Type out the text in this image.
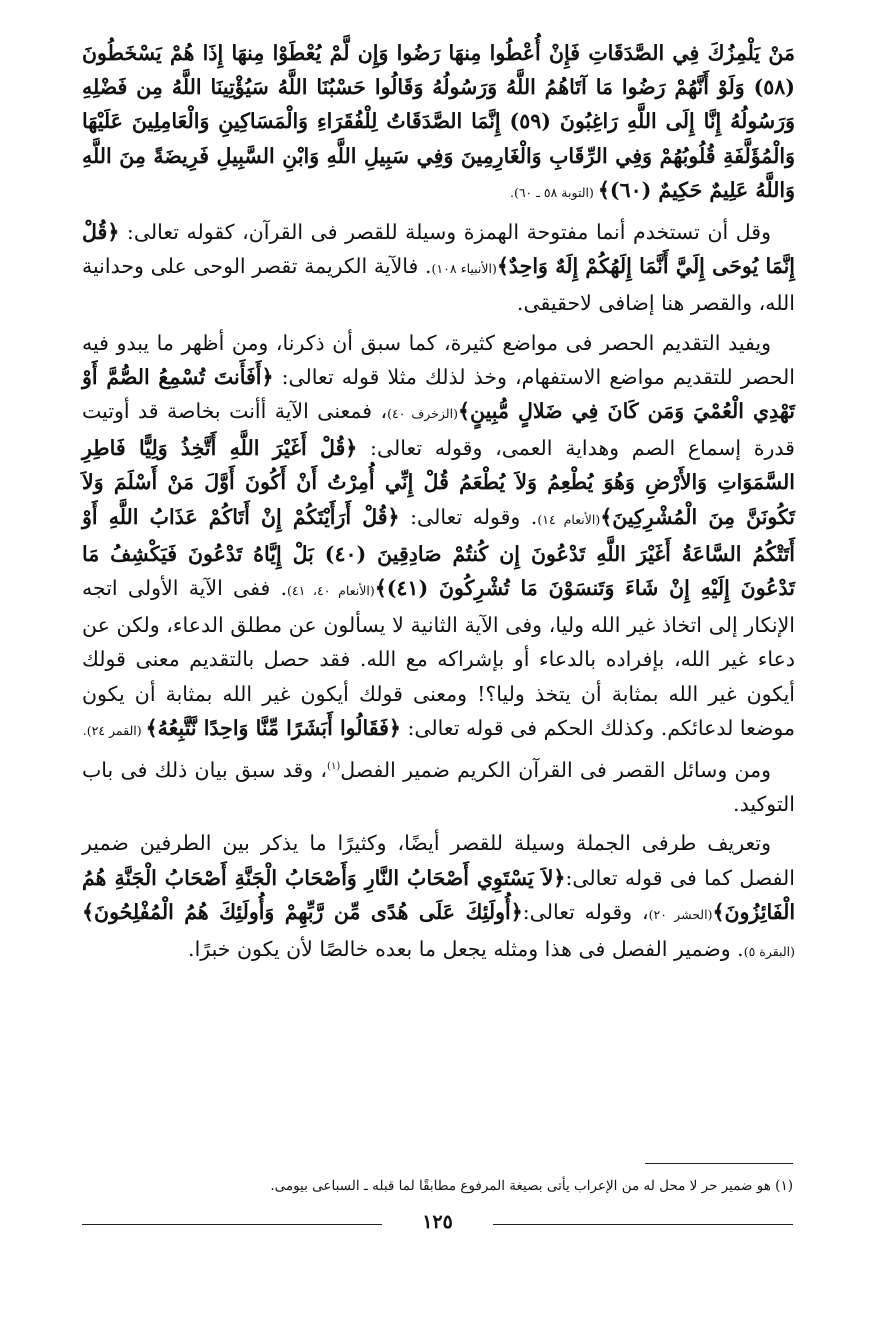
مَنْ يَلْمِزُكَ فِي الصَّدَقَاتِ فَإِنْ أُعْطُوا مِنهَا رَضُوا وَإِن لَّمْ يُعْطَوْا مِنهَا إِذَا هُمْ يَسْخَطُونَ (٥٨) وَلَوْ أَنَّهُمْ رَضُوا مَا آتَاهُمُ اللَّهُ وَرَسُولُهُ وَقَالُوا حَسْبُنَا اللَّهُ سَيُؤْتِينَا اللَّهُ مِن فَضْلِهِ وَرَسُولُهُ إِنَّا إِلَى اللَّهِ رَاغِبُونَ (٥٩) إِنَّمَا الصَّدَقَاتُ لِلْفُقَرَاءِ وَالْمَسَاكِينِ وَالْعَامِلِينَ عَلَيْهَا وَالْمُؤَلَّفَةِ قُلُوبُهُمْ وَفِي الرِّقَابِ وَالْغَارِمِينَ وَفِي سَبِيلِ اللَّهِ وَابْنِ السَّبِيلِ فَرِيضَةً مِنَ اللَّهِ وَاللَّهُ عَلِيمٌ حَكِيمٌ (٦٠)﴾ (التوبة ٥٨ ـ ٦٠).

وقل أن تستخدم أنما مفتوحة الهمزة وسيلة للقصر فى القرآن، كقوله تعالى: ﴿قُلْ إِنَّمَا يُوحَى إِلَيَّ أَنَّمَا إِلَهُكُمْ إِلَهٌ وَاحِدٌ﴾(الأنبياء ١٠٨). فالآية الكريمة تقصر الوحى على وحدانية الله، والقصر هنا إضافى لاحقيقى.

ويفيد التقديم الحصر فى مواضع كثيرة، كما سبق أن ذكرنا، ومن أظهر ما يبدو فيه الحصر للتقديم مواضع الاستفهام، وخذ لذلك مثلا قوله تعالى: ﴿أَفَأَنتَ تُسْمِعُ الصُّمَّ أَوْ تَهْدِي الْعُمْيَ وَمَن كَانَ فِي ضَلالٍ مُّبِينٍ﴾(الزخرف ٤٠)، فمعنى الآية أأنت بخاصة قد أوتيت قدرة إسماع الصم وهداية العمى، وقوله تعالى: ﴿قُلْ أَغَيْرَ اللَّهِ أَتَّخِذُ وَلِيًّا فَاطِرِ السَّمَوَاتِ وَالأَرْضِ وَهُوَ يُطْعِمُ وَلاَ يُطْعَمُ قُلْ إِنِّي أُمِرْتُ أَنْ أَكُونَ أَوَّلَ مَنْ أَسْلَمَ وَلاَ تَكُونَنَّ مِنَ الْمُشْرِكِينَ﴾(الأنعام ١٤). وقوله تعالى: ﴿قُلْ أَرَأَيْتَكُمْ إِنْ أَتَاكُمْ عَذَابُ اللَّهِ أَوْ أَتَتْكُمُ السَّاعَةُ أَغَيْرَ اللَّهِ تَدْعُونَ إِن كُنتُمْ صَادِقِينَ (٤٠) بَلْ إِيَّاهُ تَدْعُونَ فَيَكْشِفُ مَا تَدْعُونَ إِلَيْهِ إِنْ شَاءَ وَتَنسَوْنَ مَا تُشْرِكُونَ (٤١)﴾(الأنعام ٤٠، ٤١). ففى الآية الأولى اتجه الإنكار إلى اتخاذ غير الله وليا، وفى الآية الثانية لا يسألون عن مطلق الدعاء، ولكن عن دعاء غير الله، بإفراده بالدعاء أو بإشراكه مع الله. فقد حصل بالتقديم معنى قولك أيكون غير الله بمثابة أن يتخذ وليا؟! ومعنى قولك أيكون غير الله بمثابة أن يكون موضعا لدعائكم. وكذلك الحكم فى قوله تعالى: ﴿فَقَالُوا أَبَشَرًا مِّنَّا وَاحِدًا نَّتَّبِعُهُ﴾ (القمر ٢٤).

ومن وسائل القصر فى القرآن الكريم ضمير الفصل$^{(١)}$، وقد سبق بيان ذلك فى باب التوكيد.

وتعريف طرفى الجملة وسيلة للقصر أيضًا، وكثيرًا ما يذكر بين الطرفين ضمير الفصل كما فى قوله تعالى:﴿لاَ يَسْتَوِي أَصْحَابُ النَّارِ وَأَصْحَابُ الْجَنَّةِ أَصْحَابُ الْجَنَّةِ هُمُ الْفَائِزُونَ﴾(الحشر ٢٠)، وقوله تعالى:﴿أُولَئِكَ عَلَى هُدًى مِّن رَّبِّهِمْ وَأُولَئِكَ هُمُ الْمُفْلِحُونَ﴾(البقرة ٥). وضمير الفصل فى هذا ومثله يجعل ما بعده خالصًا لأن يكون خبرًا.

(١) هو ضمير حر لا محل له من الإعراب يأتى بصيغة المرفوع مطابقًا لما قبله ـ السباعى بيومى.
١٢٥
